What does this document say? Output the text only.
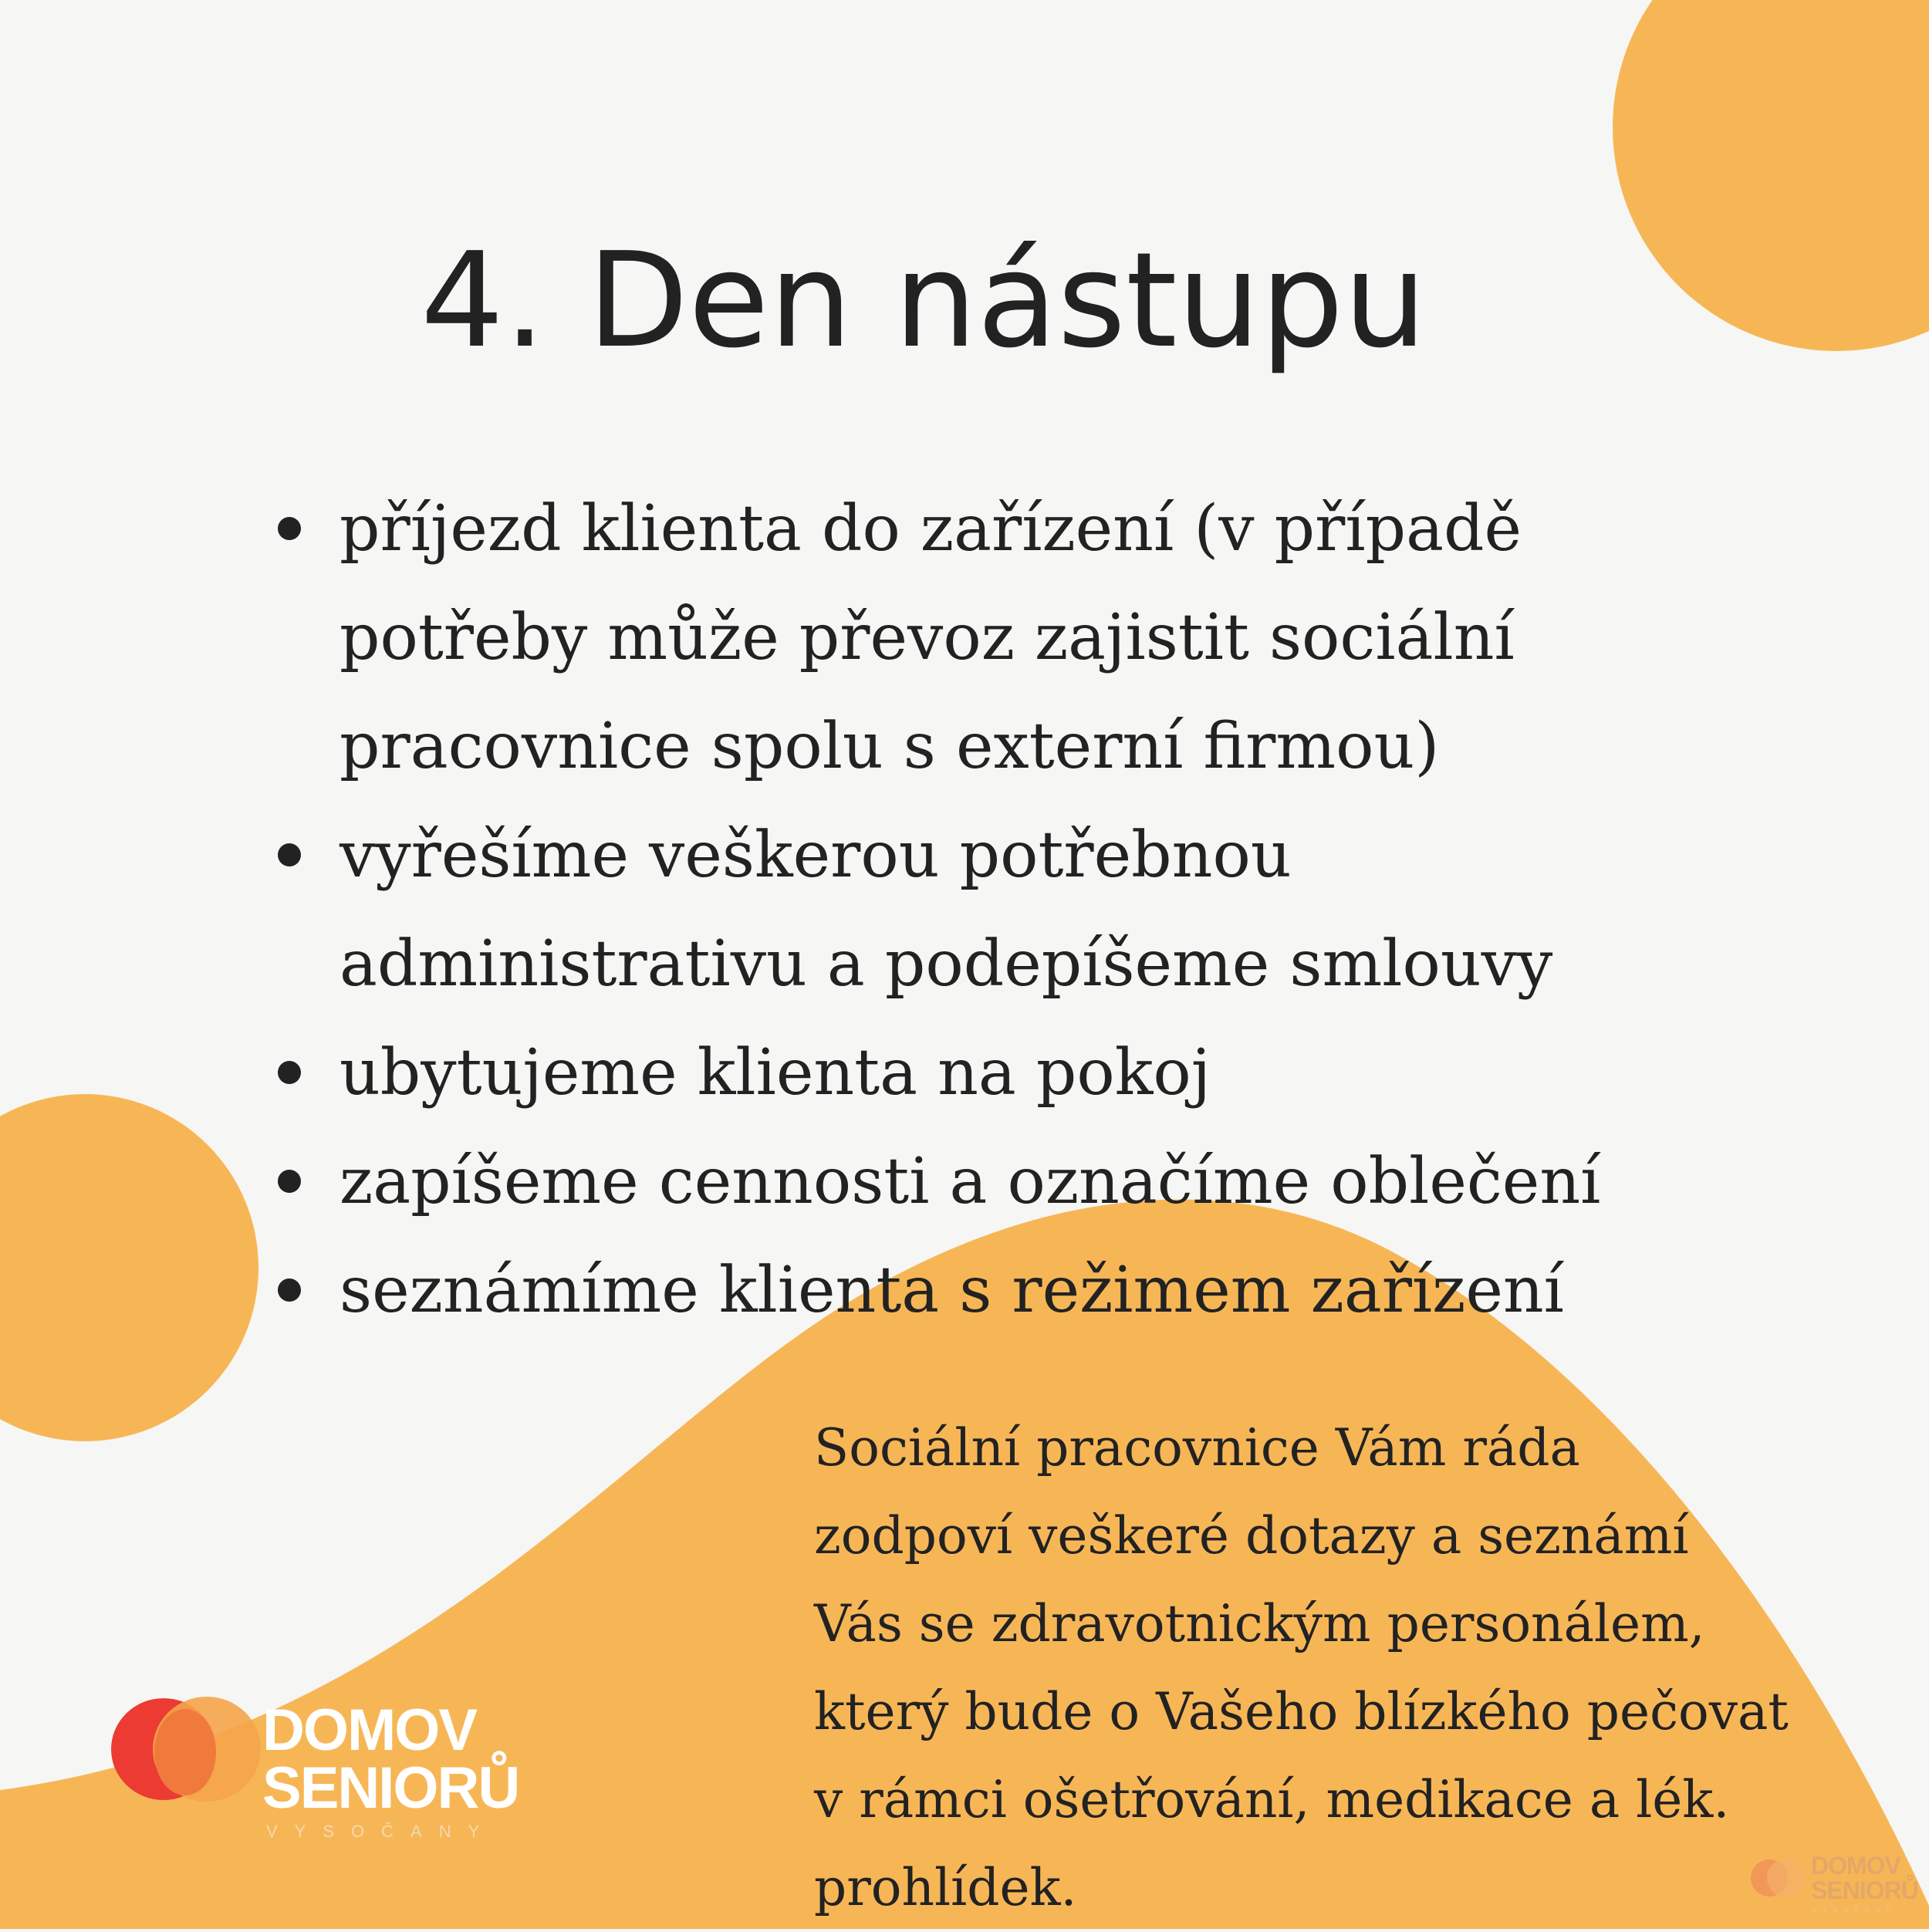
4. Den nástupu
příjezd klienta do zařízení (v případě
potřeby může převoz zajistit sociální
pracovnice spolu s externí firmou)
vyřešíme veškerou potřebnou
administrativu a podepíšeme smlouvy
ubytujeme klienta na pokoj
zapíšeme cennosti a označíme oblečení
seznámíme klienta s režimem zařízení
Sociální pracovnice Vám ráda
zodpoví veškeré dotazy a seznámí
Vás se zdravotnickým personálem,
který bude o Vašeho blízkého pečovat
v rámci ošetřování, medikace a lék.
prohlídek.
DOMOV
SENIORŮ
VYSOČANY
DOMOV
SENIORŮ
VYSOČANY
